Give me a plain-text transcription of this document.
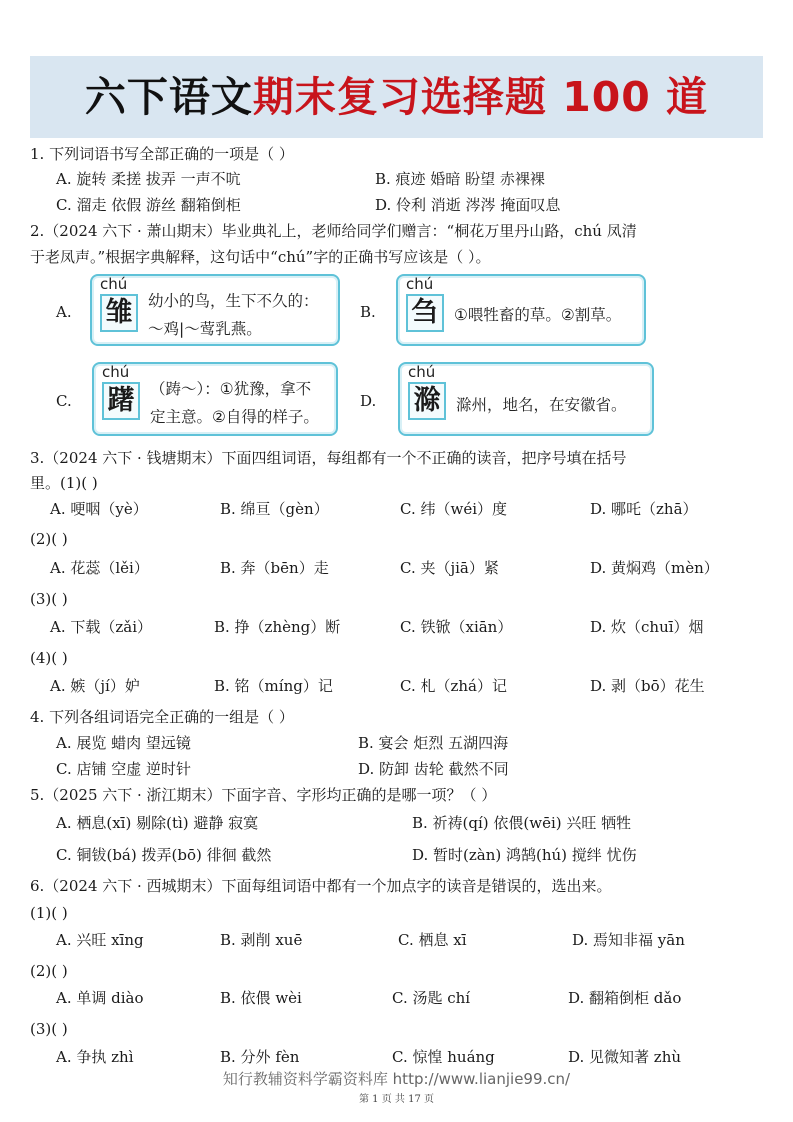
六下语文期末复习选择题 100 道
1. 下列词语书写全部正确的一项是（ ）
A. 旋转 柔搓 拔弄 一声不吭	B. 痕迹 婚暗 盼望 赤裸裸
C. 溜走 依假 游丝 翻箱倒柜	D. 伶利 消逝 涔涔 掩面叹息
2.（2024 六下 · 萧山期末）毕业典礼上，老师给同学们赠言：“桐花万里丹山路，chú 凤清
于老凤声。”根据字典解释，这句话中“chú”字的正确书写应该是（ ）。
A.
chú
雏	幼小的鸟，生下不久的：
～鸡|～莺乳燕。
B.
chú
刍	①喂牲畜的草。②割草。
C.
chú
躇	（踌～）：①犹豫，拿不
定主意。②自得的样子。
D.
chú
滁	滁州，地名，在安徽省。
3.（2024 六下 · 钱塘期末）下面四组词语，每组都有一个不正确的读音，把序号填在括号
里。(1)( )
A. 哽咽（yè）	B. 绵亘（gèn）	C. 纬（wéi）度	D. 哪吒（zhā）
(2)( )
A. 花蕊（lěi）	B. 奔（bēn）走	C. 夹（jiā）紧	D. 黄焖鸡（mèn）
(3)( )
A. 下载（zǎi）	B. 挣（zhèng）断	C. 铁锨（xiān）	D. 炊（chuī）烟
(4)( )
A. 嫉（jí）妒	B. 铭（míng）记	C. 札（zhá）记	D. 剥（bō）花生
4. 下列各组词语完全正确的一组是（ ）
A. 展览 蜡肉 望远镜	B. 宴会 炬烈 五湖四海
C. 店铺 空虚 逆时针	D. 防卸 齿轮 截然不同
5.（2025 六下 · 浙江期末）下面字音、字形均正确的是哪一项？（ ）
A. 栖息(xī) 剔除(tì) 避静 寂寞	B. 祈祷(qí) 依偎(wēi) 兴旺 牺牲
C. 铜钹(bá) 拨弄(bō) 徘徊 截然	D. 暂时(zàn) 鸿鹄(hú) 搅绊 忧伤
6.（2024 六下 · 西城期末）下面每组词语中都有一个加点字的读音是错误的，选出来。
(1)( )
A. 兴旺 xīng	B. 剥削 xuē	C. 栖息 xī	D. 焉知非福 yān
(2)( )
A. 单调 diào	B. 依偎 wèi	C. 汤匙 chí	D. 翻箱倒柜 dǎo
(3)( )
A. 争执 zhì	B. 分外 fèn	C. 惊惶 huáng	D. 见微知著 zhù
知行教辅资料学霸资料库 http://www.lianjie99.cn/
第 1 页 共 17 页
